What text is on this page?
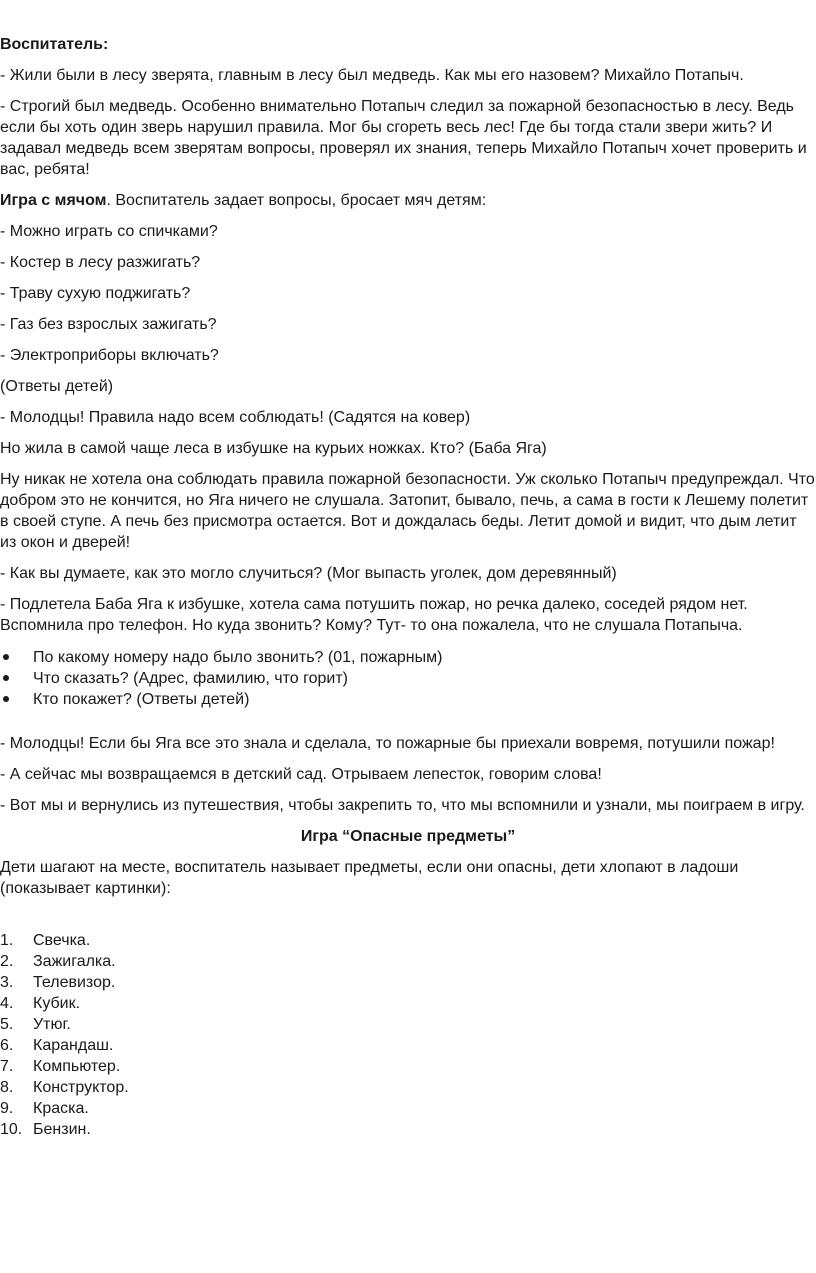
Воспитатель:

- Жили были в лесу зверята, главным в лесу был медведь. Как мы его назовем? Михайло Потапыч.

- Строгий был медведь. Особенно внимательно Потапыч следил за пожарной безопасностью в лесу. Ведь если бы хоть один зверь нарушил правила. Мог бы сгореть весь лес! Где бы тогда стали звери жить? И задавал медведь всем зверятам вопросы, проверял их знания, теперь Михайло Потапыч хочет проверить и вас, ребята!

Игра с мячом. Воспитатель задает вопросы, бросает мяч детям:

- Можно играть со спичками?

- Костер в лесу разжигать?

- Траву сухую поджигать?

- Газ без взрослых зажигать?

- Электроприборы включать?

(Ответы детей)

- Молодцы! Правила надо всем соблюдать! (Садятся на ковер)

Но жила в самой чаще леса в избушке на курьих ножках. Кто? (Баба Яга)

Ну никак не хотела она соблюдать правила пожарной безопасности. Уж сколько Потапыч предупреждал. Что добром это не кончится, но Яга ничего не слушала. Затопит, бывало, печь, а сама в гости к Лешему полетит в своей ступе. А печь без присмотра остается. Вот и дождалась беды. Летит домой и видит, что дым летит из окон и дверей!

- Как вы думаете, как это могло случиться? (Мог выпасть уголек, дом деревянный)

- Подлетела Баба Яга к избушке, хотела сама потушить пожар, но речка далеко, соседей рядом нет. Вспомнила про телефон. Но куда звонить? Кому? Тут- то она пожалела, что не слушала Потапыча.

По какому номеру надо было звонить? (01, пожарным)
Что сказать? (Адрес, фамилию, что горит)
Кто покажет? (Ответы детей)

- Молодцы! Если бы Яга все это знала и сделала, то пожарные бы приехали вовремя, потушили пожар!

- А сейчас мы возвращаемся в детский сад. Отрываем лепесток, говорим слова!

- Вот мы и вернулись из путешествия, чтобы закрепить то, что мы вспомнили и узнали, мы поиграем в игру.

Игра “Опасные предметы”

Дети шагают на месте, воспитатель называет предметы, если они опасны, дети хлопают в ладоши (показывает картинки):

1. Свечка.
2. Зажигалка.
3. Телевизор.
4. Кубик.
5. Утюг.
6. Карандаш.
7. Компьютер.
8. Конструктор.
9. Краска.
10. Бензин.
